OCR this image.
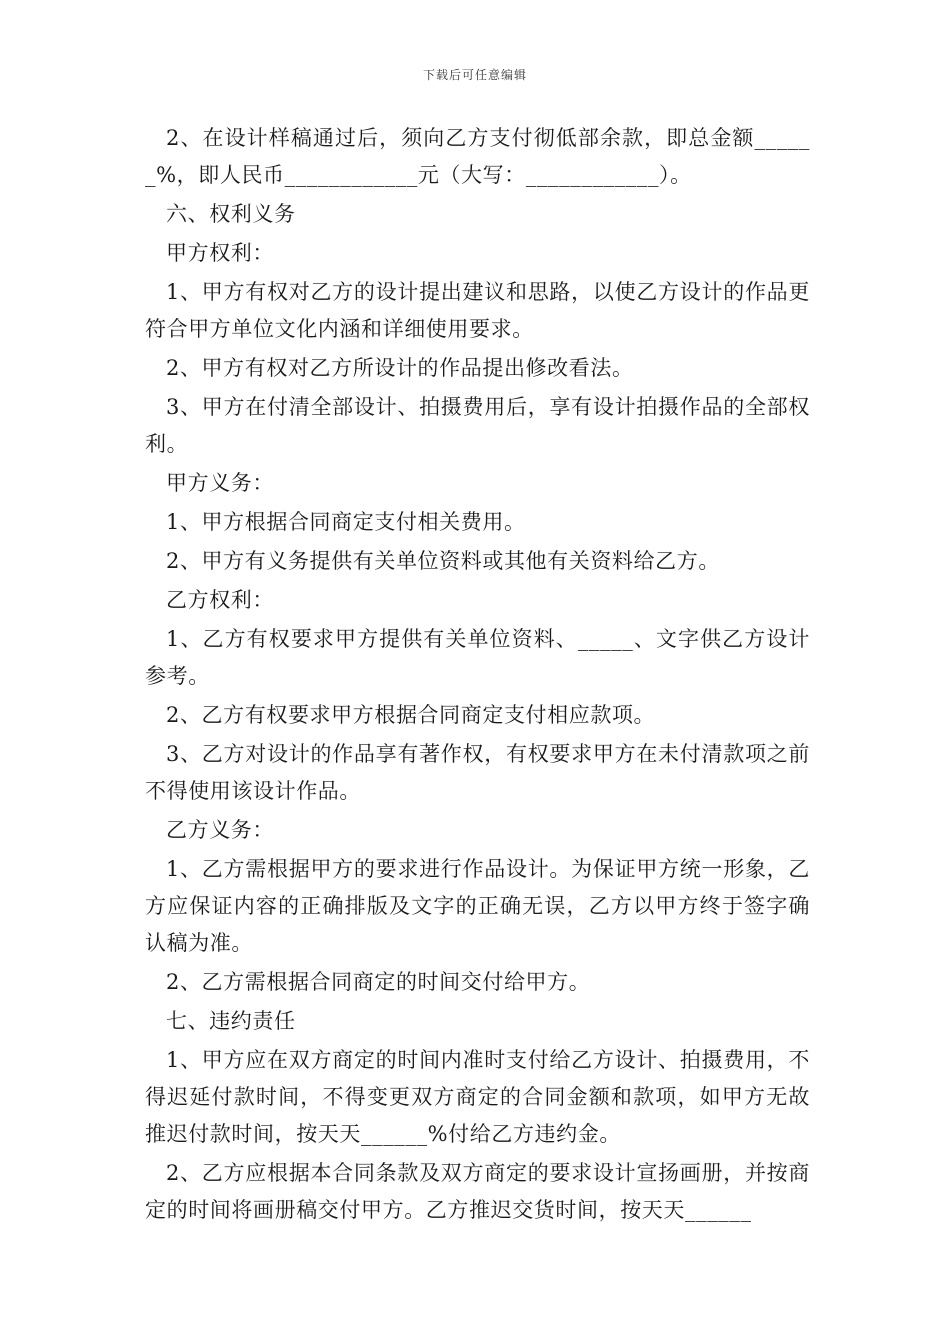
下载后可任意编辑

2、在设计样稿通过后，须向乙方支付彻低部余款，即总金额______%，即人民币____________元（大写：____________）。

六、权利义务

甲方权利：

1、甲方有权对乙方的设计提出建议和思路，以使乙方设计的作品更符合甲方单位文化内涵和详细使用要求。

2、甲方有权对乙方所设计的作品提出修改看法。

3、甲方在付清全部设计、拍摄费用后，享有设计拍摄作品的全部权利。

甲方义务：

1、甲方根据合同商定支付相关费用。

2、甲方有义务提供有关单位资料或其他有关资料给乙方。

乙方权利：

1、乙方有权要求甲方提供有关单位资料、_____、文字供乙方设计参考。

2、乙方有权要求甲方根据合同商定支付相应款项。

3、乙方对设计的作品享有著作权，有权要求甲方在未付清款项之前不得使用该设计作品。

乙方义务：

1、乙方需根据甲方的要求进行作品设计。为保证甲方统一形象，乙方应保证内容的正确排版及文字的正确无误，乙方以甲方终于签字确认稿为准。

2、乙方需根据合同商定的时间交付给甲方。

七、违约责任

1、甲方应在双方商定的时间内准时支付给乙方设计、拍摄费用，不得迟延付款时间，不得变更双方商定的合同金额和款项，如甲方无故推迟付款时间，按天天______%付给乙方违约金。

2、乙方应根据本合同条款及双方商定的要求设计宣扬画册，并按商定的时间将画册稿交付甲方。乙方推迟交货时间，按天天______
